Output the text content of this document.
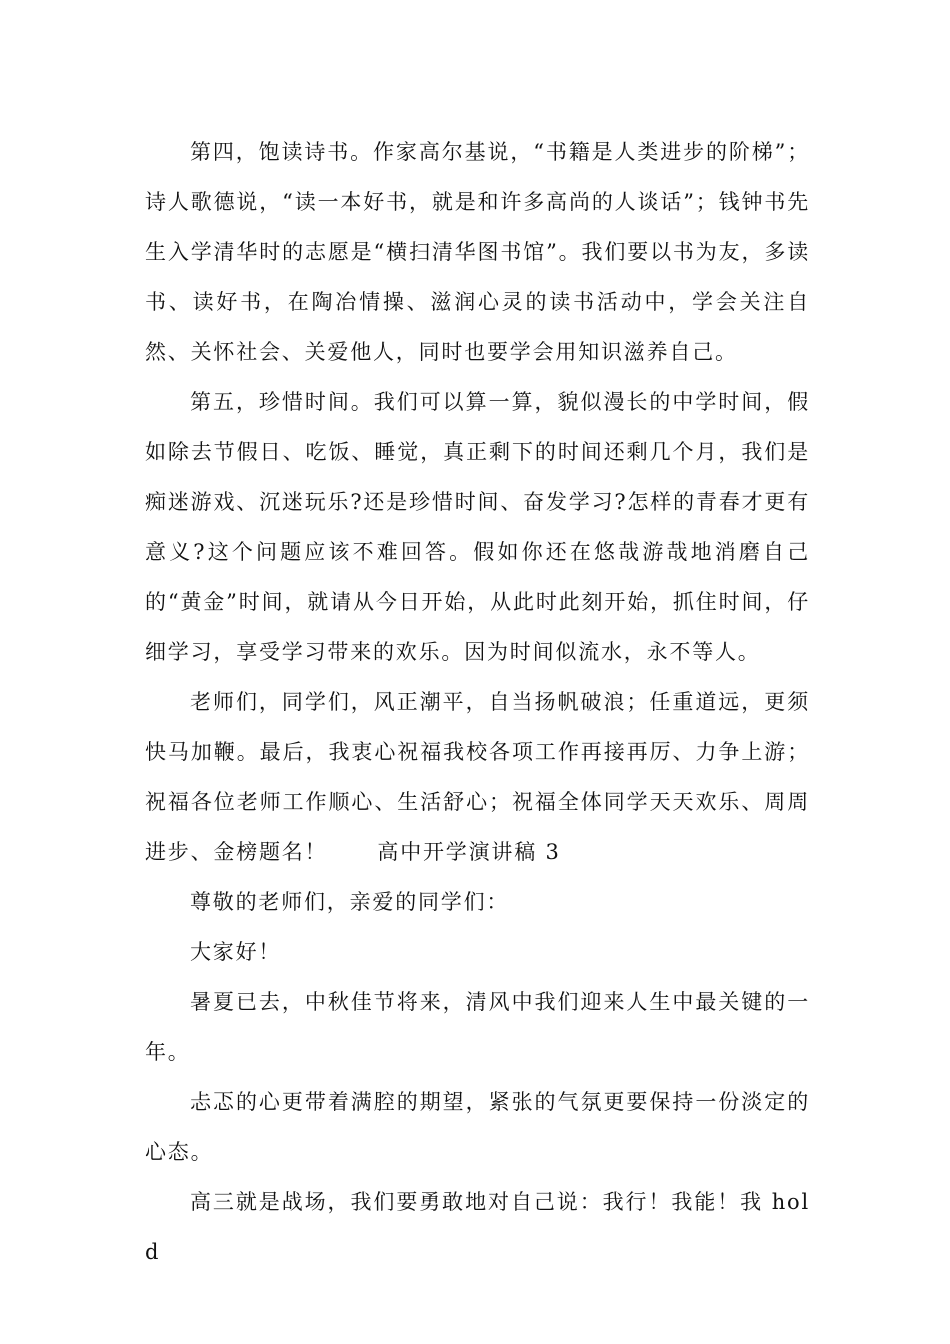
第四，饱读诗书。作家高尔基说，“书籍是人类进步的阶梯”；诗人歌德说，“读一本好书，就是和许多高尚的人谈话”；钱钟书先生入学清华时的志愿是“横扫清华图书馆”。我们要以书为友，多读书、读好书，在陶冶情操、滋润心灵的读书活动中，学会关注自然、关怀社会、关爱他人，同时也要学会用知识滋养自己。

第五，珍惜时间。我们可以算一算，貌似漫长的中学时间，假如除去节假日、吃饭、睡觉，真正剩下的时间还剩几个月，我们是痴迷游戏、沉迷玩乐?还是珍惜时间、奋发学习?怎样的青春才更有意义?这个问题应该不难回答。假如你还在悠哉游哉地消磨自己的“黄金”时间，就请从今日开始，从此时此刻开始，抓住时间，仔细学习，享受学习带来的欢乐。因为时间似流水，永不等人。

老师们，同学们，风正潮平，自当扬帆破浪；任重道远，更须快马加鞭。最后，我衷心祝福我校各项工作再接再厉、力争上游；祝福各位老师工作顺心、生活舒心；祝福全体同学天天欢乐、周周进步、金榜题名！ 高中开学演讲稿 3

尊敬的老师们，亲爱的同学们：

大家好！

暑夏已去，中秋佳节将来，清风中我们迎来人生中最关键的一年。

忐忑的心更带着满腔的期望，紧张的气氛更要保持一份淡定的心态。

高三就是战场，我们要勇敢地对自己说：我行！我能！我 hold
